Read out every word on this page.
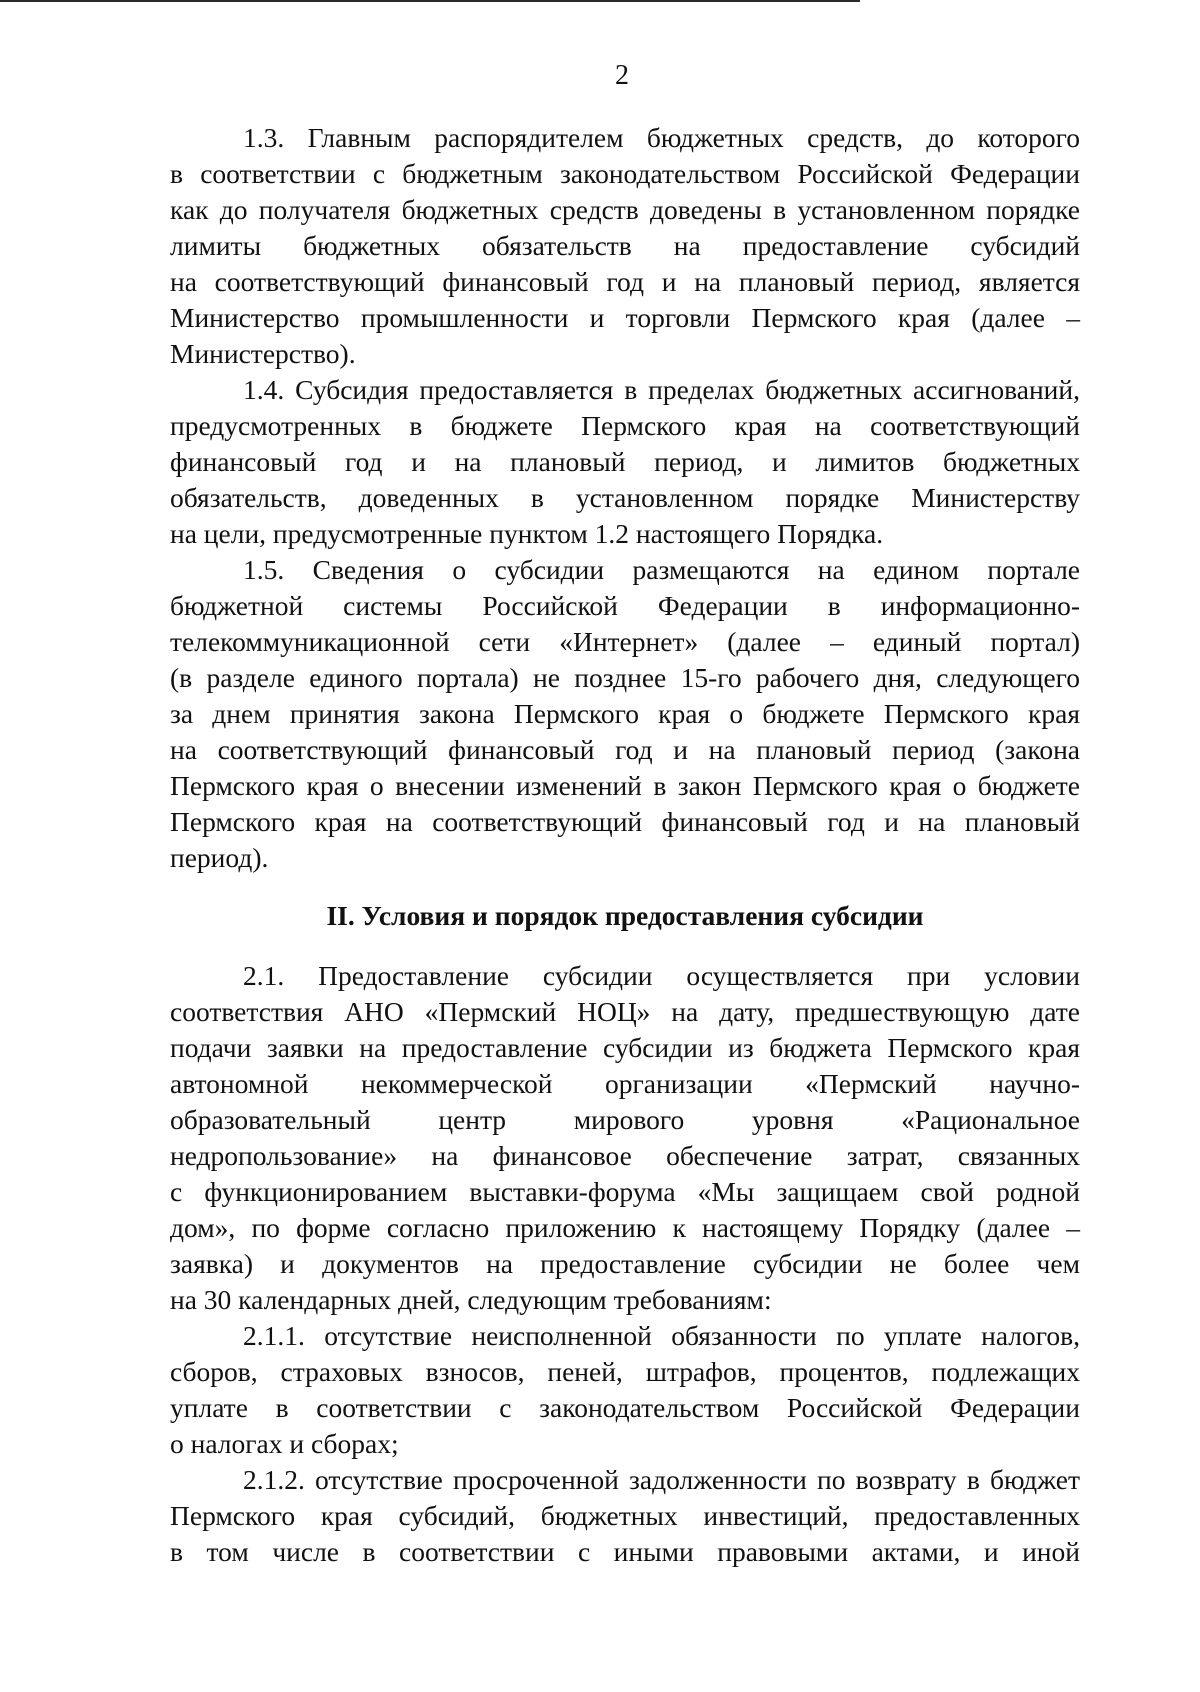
2

1.3. Главным распорядителем бюджетных средств, до которого
в соответствии с бюджетным законодательством Российской Федерации
как до получателя бюджетных средств доведены в установленном порядке
лимиты бюджетных обязательств на предоставление субсидий
на соответствующий финансовый год и на плановый период, является
Министерство промышленности и торговли Пермского края (далее –
Министерство).

1.4. Субсидия предоставляется в пределах бюджетных ассигнований,
предусмотренных в бюджете Пермского края на соответствующий
финансовый год и на плановый период, и лимитов бюджетных
обязательств, доведенных в установленном порядке Министерству
на цели, предусмотренные пунктом 1.2 настоящего Порядка.

1.5. Сведения о субсидии размещаются на едином портале
бюджетной системы Российской Федерации в информационно-
телекоммуникационной сети «Интернет» (далее – единый портал)
(в разделе единого портала) не позднее 15-го рабочего дня, следующего
за днем принятия закона Пермского края о бюджете Пермского края
на соответствующий финансовый год и на плановый период (закона
Пермского края о внесении изменений в закон Пермского края о бюджете
Пермского края на соответствующий финансовый год и на плановый
период).

II. Условия и порядок предоставления субсидии

2.1. Предоставление субсидии осуществляется при условии
соответствия АНО «Пермский НОЦ» на дату, предшествующую дате
подачи заявки на предоставление субсидии из бюджета Пермского края
автономной некоммерческой организации «Пермский научно-
образовательный центр мирового уровня «Рациональное
недропользование» на финансовое обеспечение затрат, связанных
с функционированием выставки-форума «Мы защищаем свой родной
дом», по форме согласно приложению к настоящему Порядку (далее –
заявка) и документов на предоставление субсидии не более чем
на 30 календарных дней, следующим требованиям:

2.1.1. отсутствие неисполненной обязанности по уплате налогов,
сборов, страховых взносов, пеней, штрафов, процентов, подлежащих
уплате в соответствии с законодательством Российской Федерации
о налогах и сборах;

2.1.2. отсутствие просроченной задолженности по возврату в бюджет
Пермского края субсидий, бюджетных инвестиций, предоставленных
в том числе в соответствии с иными правовыми актами, и иной
